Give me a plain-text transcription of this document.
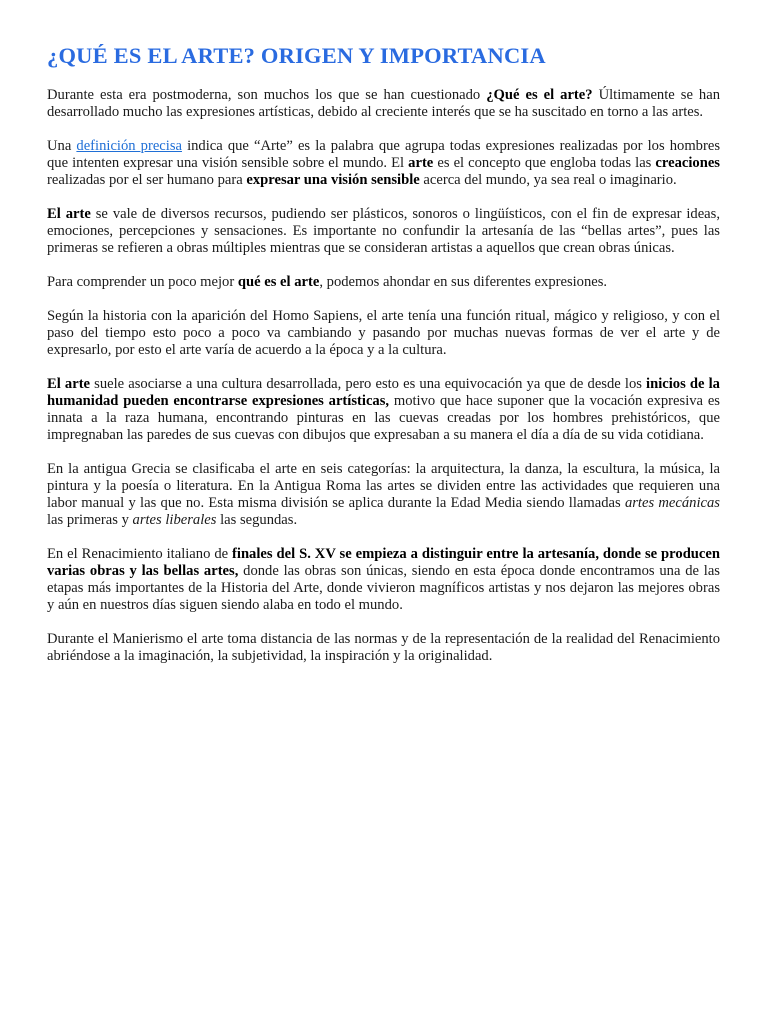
¿QUÉ ES EL ARTE? ORIGEN Y IMPORTANCIA

Durante esta era postmoderna, son muchos los que se han cuestionado ¿Qué es el arte? Últimamente se han desarrollado mucho las expresiones artísticas, debido al creciente interés que se ha suscitado en torno a las artes.

Una definición precisa indica que “Arte” es la palabra que agrupa todas expresiones realizadas por los hombres que intenten expresar una visión sensible sobre el mundo. El arte es el concepto que engloba todas las creaciones realizadas por el ser humano para expresar una visión sensible acerca del mundo, ya sea real o imaginario.

El arte se vale de diversos recursos, pudiendo ser plásticos, sonoros o lingüísticos, con el fin de expresar ideas, emociones, percepciones y sensaciones. Es importante no confundir la artesanía de las “bellas artes”, pues las primeras se refieren a obras múltiples mientras que se consideran artistas a aquellos que crean obras únicas.

Para comprender un poco mejor qué es el arte, podemos ahondar en sus diferentes expresiones.

Según la historia con la aparición del Homo Sapiens, el arte tenía una función ritual, mágico y religioso, y con el paso del tiempo esto poco a poco va cambiando y pasando por muchas nuevas formas de ver el arte y de expresarlo, por esto el arte varía de acuerdo a la época y a la cultura.

El arte suele asociarse a una cultura desarrollada, pero esto es una equivocación ya que de desde los inicios de la humanidad pueden encontrarse expresiones artísticas, motivo que hace suponer que la vocación expresiva es innata a la raza humana, encontrando pinturas en las cuevas creadas por los hombres prehistóricos, que impregnaban las paredes de sus cuevas con dibujos que expresaban a su manera el día a día de su vida cotidiana.

En la antigua Grecia se clasificaba el arte en seis categorías: la arquitectura, la danza, la escultura, la música, la pintura y la poesía o literatura. En la Antigua Roma las artes se dividen entre las actividades que requieren una labor manual y las que no. Esta misma división se aplica durante la Edad Media siendo llamadas artes mecánicas las primeras y artes liberales las segundas.

En el Renacimiento italiano de finales del S. XV se empieza a distinguir entre la artesanía, donde se producen varias obras y las bellas artes, donde las obras son únicas, siendo en esta época donde encontramos una de las etapas más importantes de la Historia del Arte, donde vivieron magníficos artistas y nos dejaron las mejores obras y aún en nuestros días siguen siendo alaba en todo el mundo.

Durante el Manierismo el arte toma distancia de las normas y de la representación de la realidad del Renacimiento abriéndose a la imaginación, la subjetividad, la inspiración y la originalidad.
